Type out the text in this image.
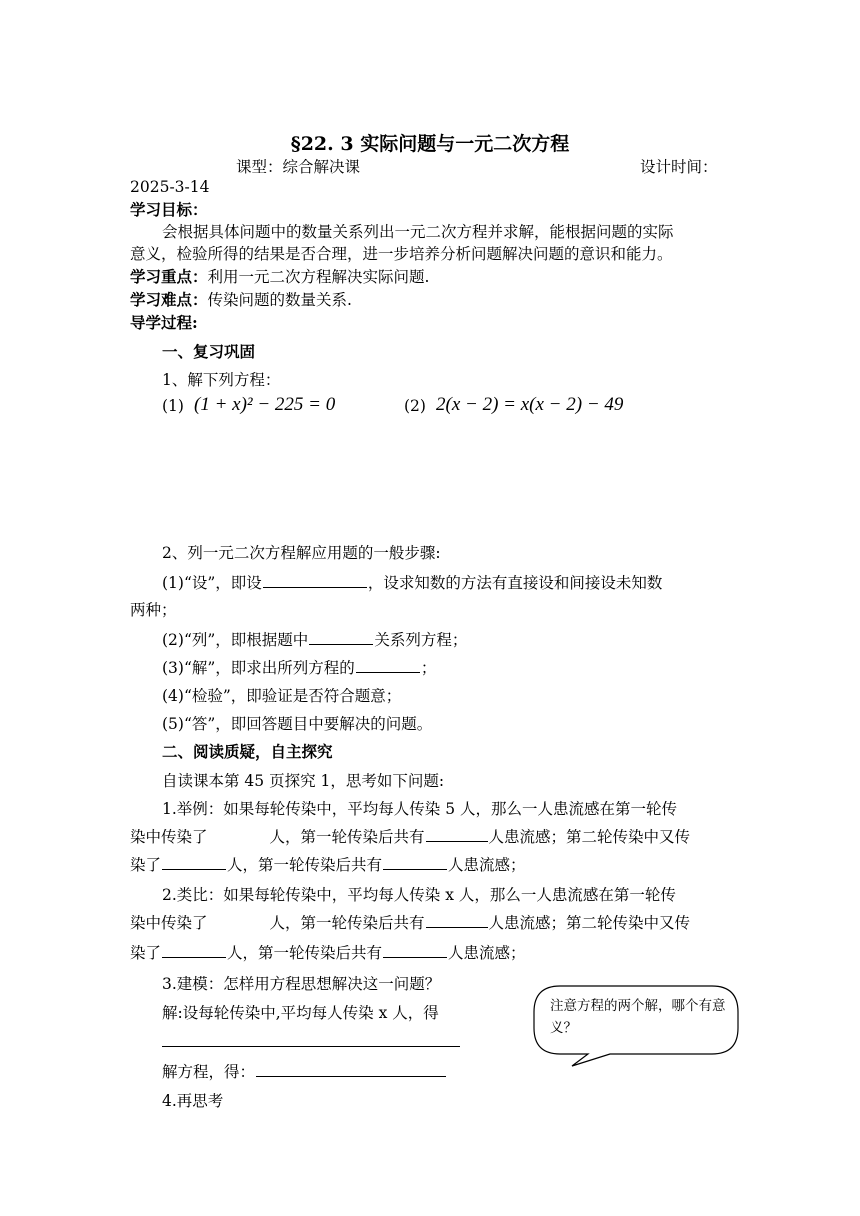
§22. 3 实际问题与一元二次方程
课型：综合解决课	设计时间：
2025-3-14
学习目标：
会根据具体问题中的数量关系列出一元二次方程并求解，能根据问题的实际
意义，检验所得的结果是否合理，进一步培养分析问题解决问题的意识和能力。
学习重点：利用一元二次方程解决实际问题.
学习难点：传染问题的数量关系.
导学过程:
一、复习巩固
1、解下列方程：
(1) (1 + x)² − 225 = 0	(2) 2(x − 2) = x(x − 2) − 49
2、列一元二次方程解应用题的一般步骤:
(1)“设”，即设	，设求知数的方法有直接设和间接设未知数
两种；
(2)“列”，即根据题中	关系列方程；
(3)“解”，即求出所列方程的	；
(4)“检验”，即验证是否符合题意；
(5)“答”，即回答题目中要解决的问题。
二、阅读质疑，自主探究
自读课本第 45 页探究 1，思考如下问题:
1.举例：如果每轮传染中，平均每人传染 5 人，那么一人患流感在第一轮传
染中传染了	人，第一轮传染后共有	人患流感；第二轮传染中又传
染了	人，第一轮传染后共有	人患流感；
2.类比：如果每轮传染中，平均每人传染 x 人，那么一人患流感在第一轮传
染中传染了	人，第一轮传染后共有	人患流感；第二轮传染中又传
染了	人，第一轮传染后共有	人患流感；
3.建模：怎样用方程思想解决这一问题？
解:设每轮传染中,平均每人传染 x 人，得
解方程，得：
4.再思考
注意方程的两个解，哪个有意义？
